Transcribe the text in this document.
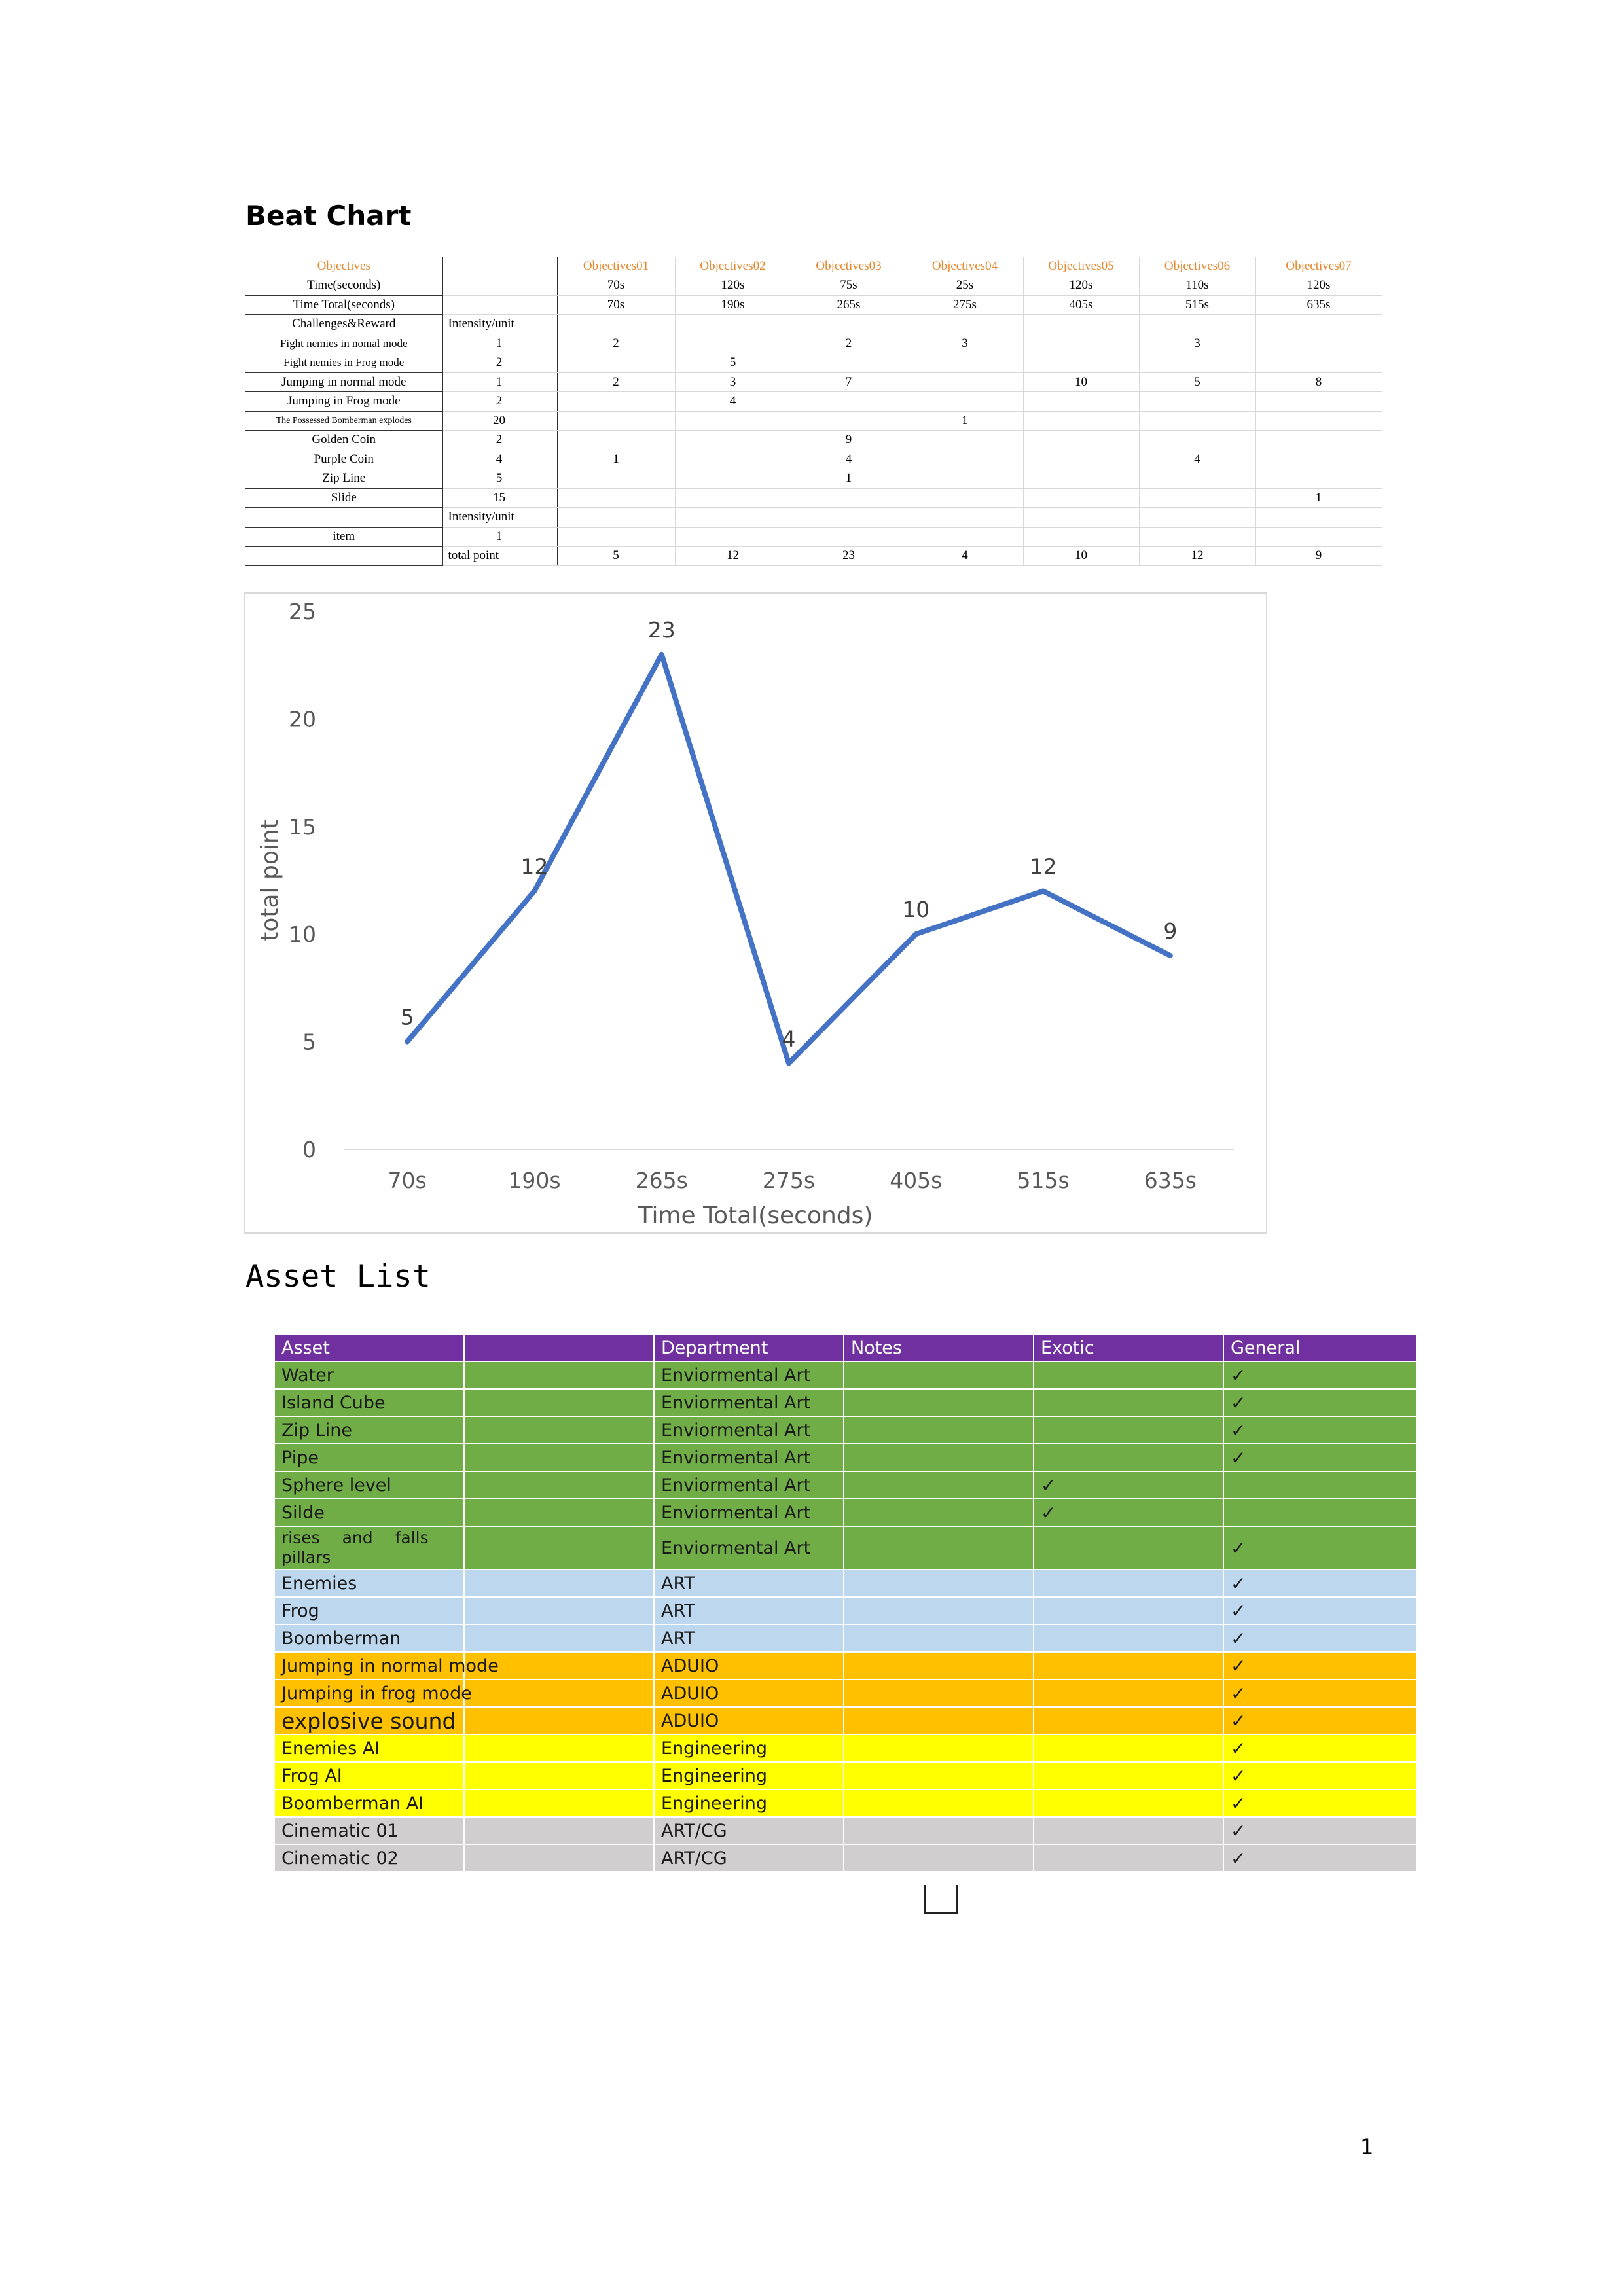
Beat Chart
Objectives		Objectives01	Objectives02	Objectives03	Objectives04	Objectives05	Objectives06	Objectives07
Time(seconds)		70s	120s	75s	25s	120s	110s	120s
Time Total(seconds)		70s	190s	265s	275s	405s	515s	635s
Challenges&Reward	Intensity/unit							
Fight nemies in nomal mode	1	2		2	3		3	
Fight nemies in Frog mode	2		5					
Jumping in normal mode	1	2	3	7		10	5	8
Jumping in Frog mode	2		4					
The Possessed Bomberman explodes	20				1			
Golden Coin	2			9				
Purple Coin	4	1		4			4	
Zip Line	5			1				
Slide	15							1
	Intensity/unit							
item	1							
	total point	5	12	23	4	10	12	9
0
5
10
15
20
25
70s	190s	265s	275s	405s	515s	635s
Time Total(seconds)
total point
5
12
23
4
10
12
9
Asset List
Asset		Department	Notes	Exotic	General
Water		Enviormental Art			✓
Island Cube		Enviormental Art			✓
Zip Line		Enviormental Art			✓
Pipe		Enviormental Art			✓
Sphere level		Enviormental Art		✓	
Silde		Enviormental Art		✓	

rises and falls pillars		Enviormental Art			✓
Enemies		ART			✓
Frog		ART			✓
Boomberman		ART			✓
Jumping in normal mode		ADUIO			✓
Jumping in frog mode		ADUIO			✓
explosive sound		ADUIO			✓
Enemies AI		Engineering			✓
Frog AI		Engineering			✓
Boomberman AI		Engineering			✓
Cinematic 01		ART/CG			✓
Cinematic 02		ART/CG			✓
1
